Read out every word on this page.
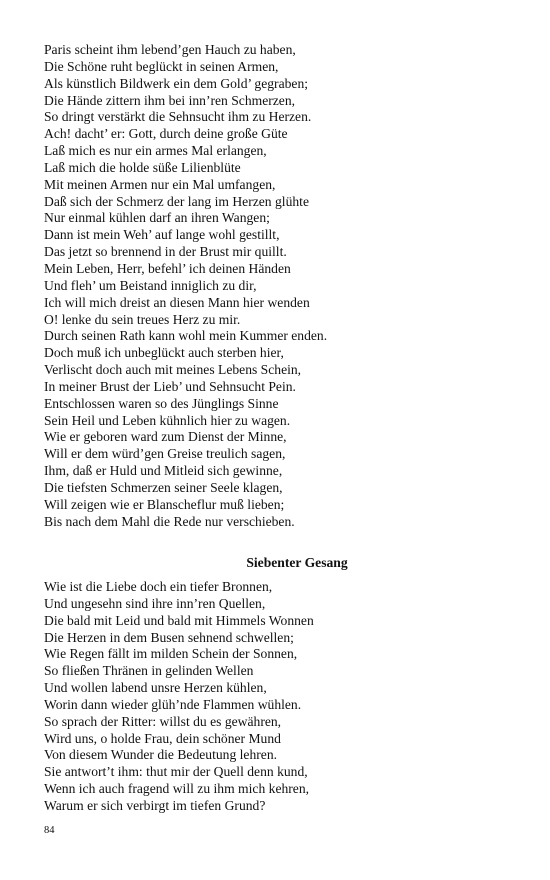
Paris scheint ihm lebend’gen Hauch zu haben,
Die Schöne ruht beglückt in seinen Armen,
Als künstlich Bildwerk ein dem Gold’ gegraben;
Die Hände zittern ihm bei inn’ren Schmerzen,
So dringt verstärkt die Sehnsucht ihm zu Herzen.
Ach! dacht’ er: Gott, durch deine große Güte
Laß mich es nur ein armes Mal erlangen,
Laß mich die holde süße Lilienblüte
Mit meinen Armen nur ein Mal umfangen,
Daß sich der Schmerz der lang im Herzen glühte
Nur einmal kühlen darf an ihren Wangen;
Dann ist mein Weh’ auf lange wohl gestillt,
Das jetzt so brennend in der Brust mir quillt.
Mein Leben, Herr, befehl’ ich deinen Händen
Und fleh’ um Beistand inniglich zu dir,
Ich will mich dreist an diesen Mann hier wenden
O! lenke du sein treues Herz zu mir.
Durch seinen Rath kann wohl mein Kummer enden.
Doch muß ich unbeglückt auch sterben hier,
Verlischt doch auch mit meines Lebens Schein,
In meiner Brust der Lieb’ und Sehnsucht Pein.
Entschlossen waren so des Jünglings Sinne
Sein Heil und Leben kühnlich hier zu wagen.
Wie er geboren ward zum Dienst der Minne,
Will er dem würd’gen Greise treulich sagen,
Ihm, daß er Huld und Mitleid sich gewinne,
Die tiefsten Schmerzen seiner Seele klagen,
Will zeigen wie er Blanscheflur muß lieben;
Bis nach dem Mahl die Rede nur verschieben.
Siebenter Gesang
Wie ist die Liebe doch ein tiefer Bronnen,
Und ungesehn sind ihre inn’ren Quellen,
Die bald mit Leid und bald mit Himmels Wonnen
Die Herzen in dem Busen sehnend schwellen;
Wie Regen fällt im milden Schein der Sonnen,
So fließen Thränen in gelinden Wellen
Und wollen labend unsre Herzen kühlen,
Worin dann wieder glüh’nde Flammen wühlen.
So sprach der Ritter: willst du es gewähren,
Wird uns, o holde Frau, dein schöner Mund
Von diesem Wunder die Bedeutung lehren.
Sie antwort’t ihm: thut mir der Quell denn kund,
Wenn ich auch fragend will zu ihm mich kehren,
Warum er sich verbirgt im tiefen Grund?
84
